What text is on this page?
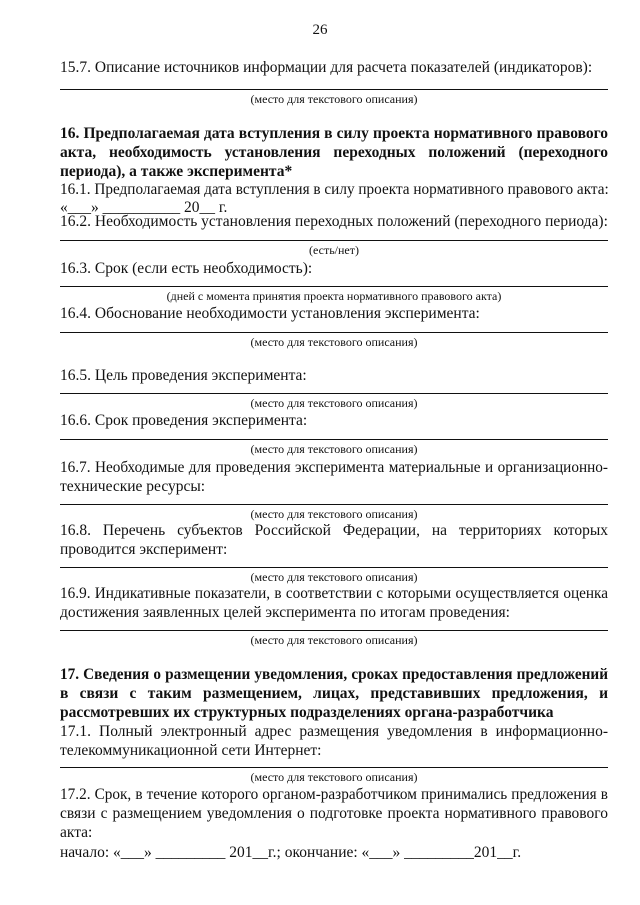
26
15.7. Описание источников информации для расчета показателей (индикаторов):
(место для текстового описания)
16. Предполагаемая дата вступления в силу проекта нормативного правового
акта, необходимость установления переходных положений (переходного
периода), а также эксперимента*
16.1. Предполагаемая дата вступления в силу проекта нормативного правового акта:
«___» __________ 20__ г.
16.2. Необходимость установления переходных положений (переходного периода):
(есть/нет)
16.3. Срок (если есть необходимость):
(дней с момента принятия проекта нормативного правового акта)
16.4. Обоснование необходимости установления эксперимента:
(место для текстового описания)
16.5. Цель проведения эксперимента:
(место для текстового описания)
16.6. Срок проведения эксперимента:
(место для текстового описания)
16.7. Необходимые для проведения эксперимента материальные и организационно-
технические ресурсы:
(место для текстового описания)
16.8. Перечень субъектов Российской Федерации, на территориях которых
проводится эксперимент:
(место для текстового описания)
16.9. Индикативные показатели, в соответствии с которыми осуществляется оценка
достижения заявленных целей эксперимента по итогам проведения:
(место для текстового описания)
17. Сведения о размещении уведомления, сроках предоставления предложений
в связи с таким размещением, лицах, представивших предложения, и
рассмотревших их структурных подразделениях органа-разработчика
17.1. Полный электронный адрес размещения уведомления в информационно-
телекоммуникационной сети Интернет:
(место для текстового описания)
17.2. Срок, в течение которого органом-разработчиком принимались предложения в
связи с размещением уведомления о подготовке проекта нормативного правового
акта:
начало: «___» _________ 201__г.; окончание: «___» _________201__г.
